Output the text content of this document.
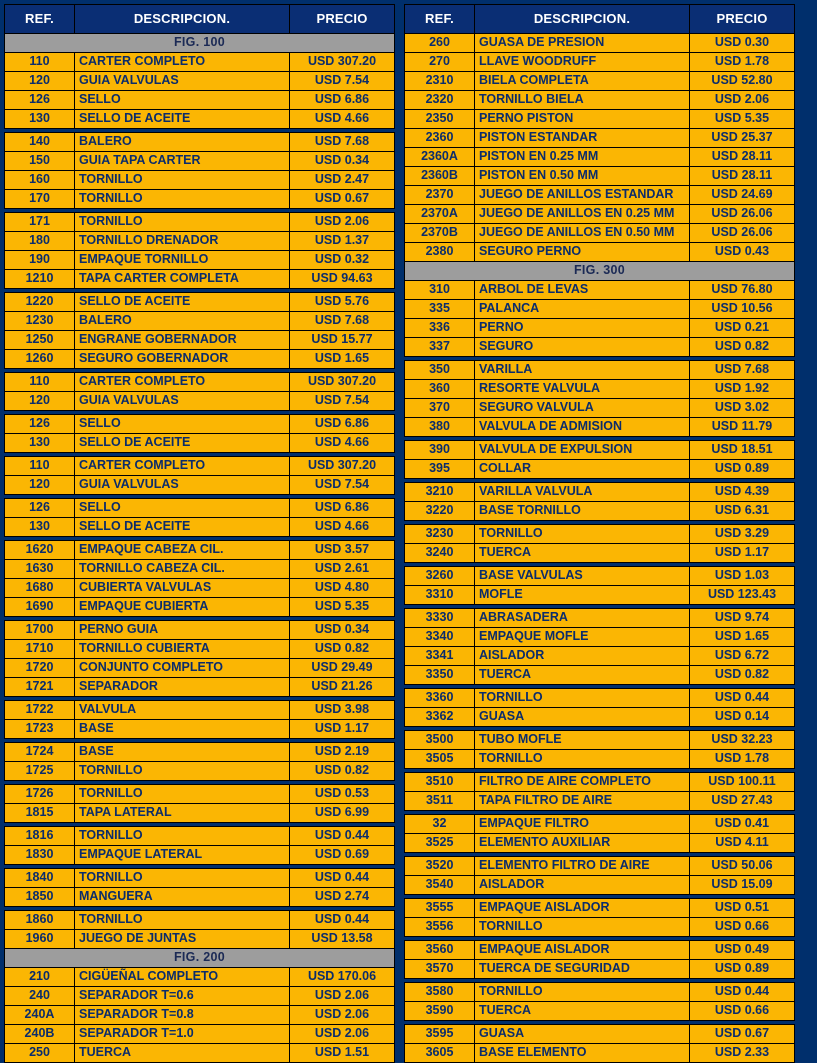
REF.	DESCRIPCION.	PRECIO
FIG. 100		
110	CARTER COMPLETO	USD 307.20
120	GUIA VALVULAS	USD 7.54
126	SELLO	USD 6.86
130	SELLO DE ACEITE	USD 4.66

140	BALERO	USD 7.68
150	GUIA TAPA CARTER	USD 0.34
160	TORNILLO	USD 2.47
170	TORNILLO	USD 0.67

171	TORNILLO	USD 2.06
180	TORNILLO DRENADOR	USD 1.37
190	EMPAQUE TORNILLO	USD 0.32
1210	TAPA CARTER COMPLETA	USD 94.63

1220	SELLO DE ACEITE	USD 5.76
1230	BALERO	USD 7.68
1250	ENGRANE GOBERNADOR	USD 15.77
1260	SEGURO GOBERNADOR	USD 1.65

110	CARTER COMPLETO	USD 307.20
120	GUIA VALVULAS	USD 7.54

126	SELLO	USD 6.86
130	SELLO DE ACEITE	USD 4.66

110	CARTER COMPLETO	USD 307.20
120	GUIA VALVULAS	USD 7.54

126	SELLO	USD 6.86
130	SELLO DE ACEITE	USD 4.66

1620	EMPAQUE CABEZA CIL.	USD 3.57
1630	TORNILLO CABEZA CIL.	USD 2.61
1680	CUBIERTA VALVULAS	USD 4.80
1690	EMPAQUE CUBIERTA	USD 5.35

1700	PERNO GUIA	USD 0.34
1710	TORNILLO CUBIERTA	USD 0.82
1720	CONJUNTO COMPLETO	USD 29.49
1721	SEPARADOR	USD 21.26

1722	VALVULA	USD 3.98
1723	BASE	USD 1.17

1724	BASE	USD 2.19
1725	TORNILLO	USD 0.82

1726	TORNILLO	USD 0.53
1815	TAPA LATERAL	USD 6.99

1816	TORNILLO	USD 0.44
1830	EMPAQUE LATERAL	USD 0.69

1840	TORNILLO	USD 0.44
1850	MANGUERA	USD 2.74

1860	TORNILLO	USD 0.44
1960	JUEGO DE JUNTAS	USD 13.58
FIG. 200		
210	CIGÜEÑAL COMPLETO	USD 170.06
240	SEPARADOR T=0.6	USD 2.06
240A	SEPARADOR T=0.8	USD 2.06
240B	SEPARADOR T=1.0	USD 2.06
250	TUERCA	USD 1.51
REF.	DESCRIPCION.	PRECIO
260	GUASA DE PRESION	USD 0.30
270	LLAVE WOODRUFF	USD 1.78
2310	BIELA COMPLETA	USD 52.80
2320	TORNILLO BIELA	USD 2.06
2350	PERNO PISTON	USD 5.35
2360	PISTON ESTANDAR	USD 25.37
2360A	PISTON EN 0.25 MM	USD 28.11
2360B	PISTON EN 0.50 MM	USD 28.11
2370	JUEGO DE ANILLOS ESTANDAR	USD 24.69
2370A	JUEGO DE ANILLOS EN 0.25 MM	USD 26.06
2370B	JUEGO DE ANILLOS EN 0.50 MM	USD 26.06
2380	SEGURO PERNO	USD 0.43
FIG. 300		
310	ARBOL DE LEVAS	USD 76.80
335	PALANCA	USD 10.56
336	PERNO	USD 0.21
337	SEGURO	USD 0.82

350	VARILLA	USD 7.68
360	RESORTE VALVULA	USD 1.92
370	SEGURO VALVULA	USD 3.02
380	VALVULA DE ADMISION	USD 11.79

390	VALVULA DE EXPULSION	USD 18.51
395	COLLAR	USD 0.89

3210	VARILLA VALVULA	USD 4.39
3220	BASE TORNILLO	USD 6.31

3230	TORNILLO	USD 3.29
3240	TUERCA	USD 1.17

3260	BASE VALVULAS	USD 1.03
3310	MOFLE	USD 123.43

3330	ABRASADERA	USD 9.74
3340	EMPAQUE MOFLE	USD 1.65
3341	AISLADOR	USD 6.72
3350	TUERCA	USD 0.82

3360	TORNILLO	USD 0.44
3362	GUASA	USD 0.14

3500	TUBO MOFLE	USD 32.23
3505	TORNILLO	USD 1.78

3510	FILTRO DE AIRE COMPLETO	USD 100.11
3511	TAPA FILTRO DE AIRE	USD 27.43

32	EMPAQUE FILTRO	USD 0.41
3525	ELEMENTO AUXILIAR	USD 4.11

3520	ELEMENTO FILTRO DE AIRE	USD 50.06
3540	AISLADOR	USD 15.09

3555	EMPAQUE AISLADOR	USD 0.51
3556	TORNILLO	USD 0.66

3560	EMPAQUE AISLADOR	USD 0.49
3570	TUERCA DE SEGURIDAD	USD 0.89

3580	TORNILLO	USD 0.44
3590	TUERCA	USD 0.66

3595	GUASA	USD 0.67
3605	BASE ELEMENTO	USD 2.33
